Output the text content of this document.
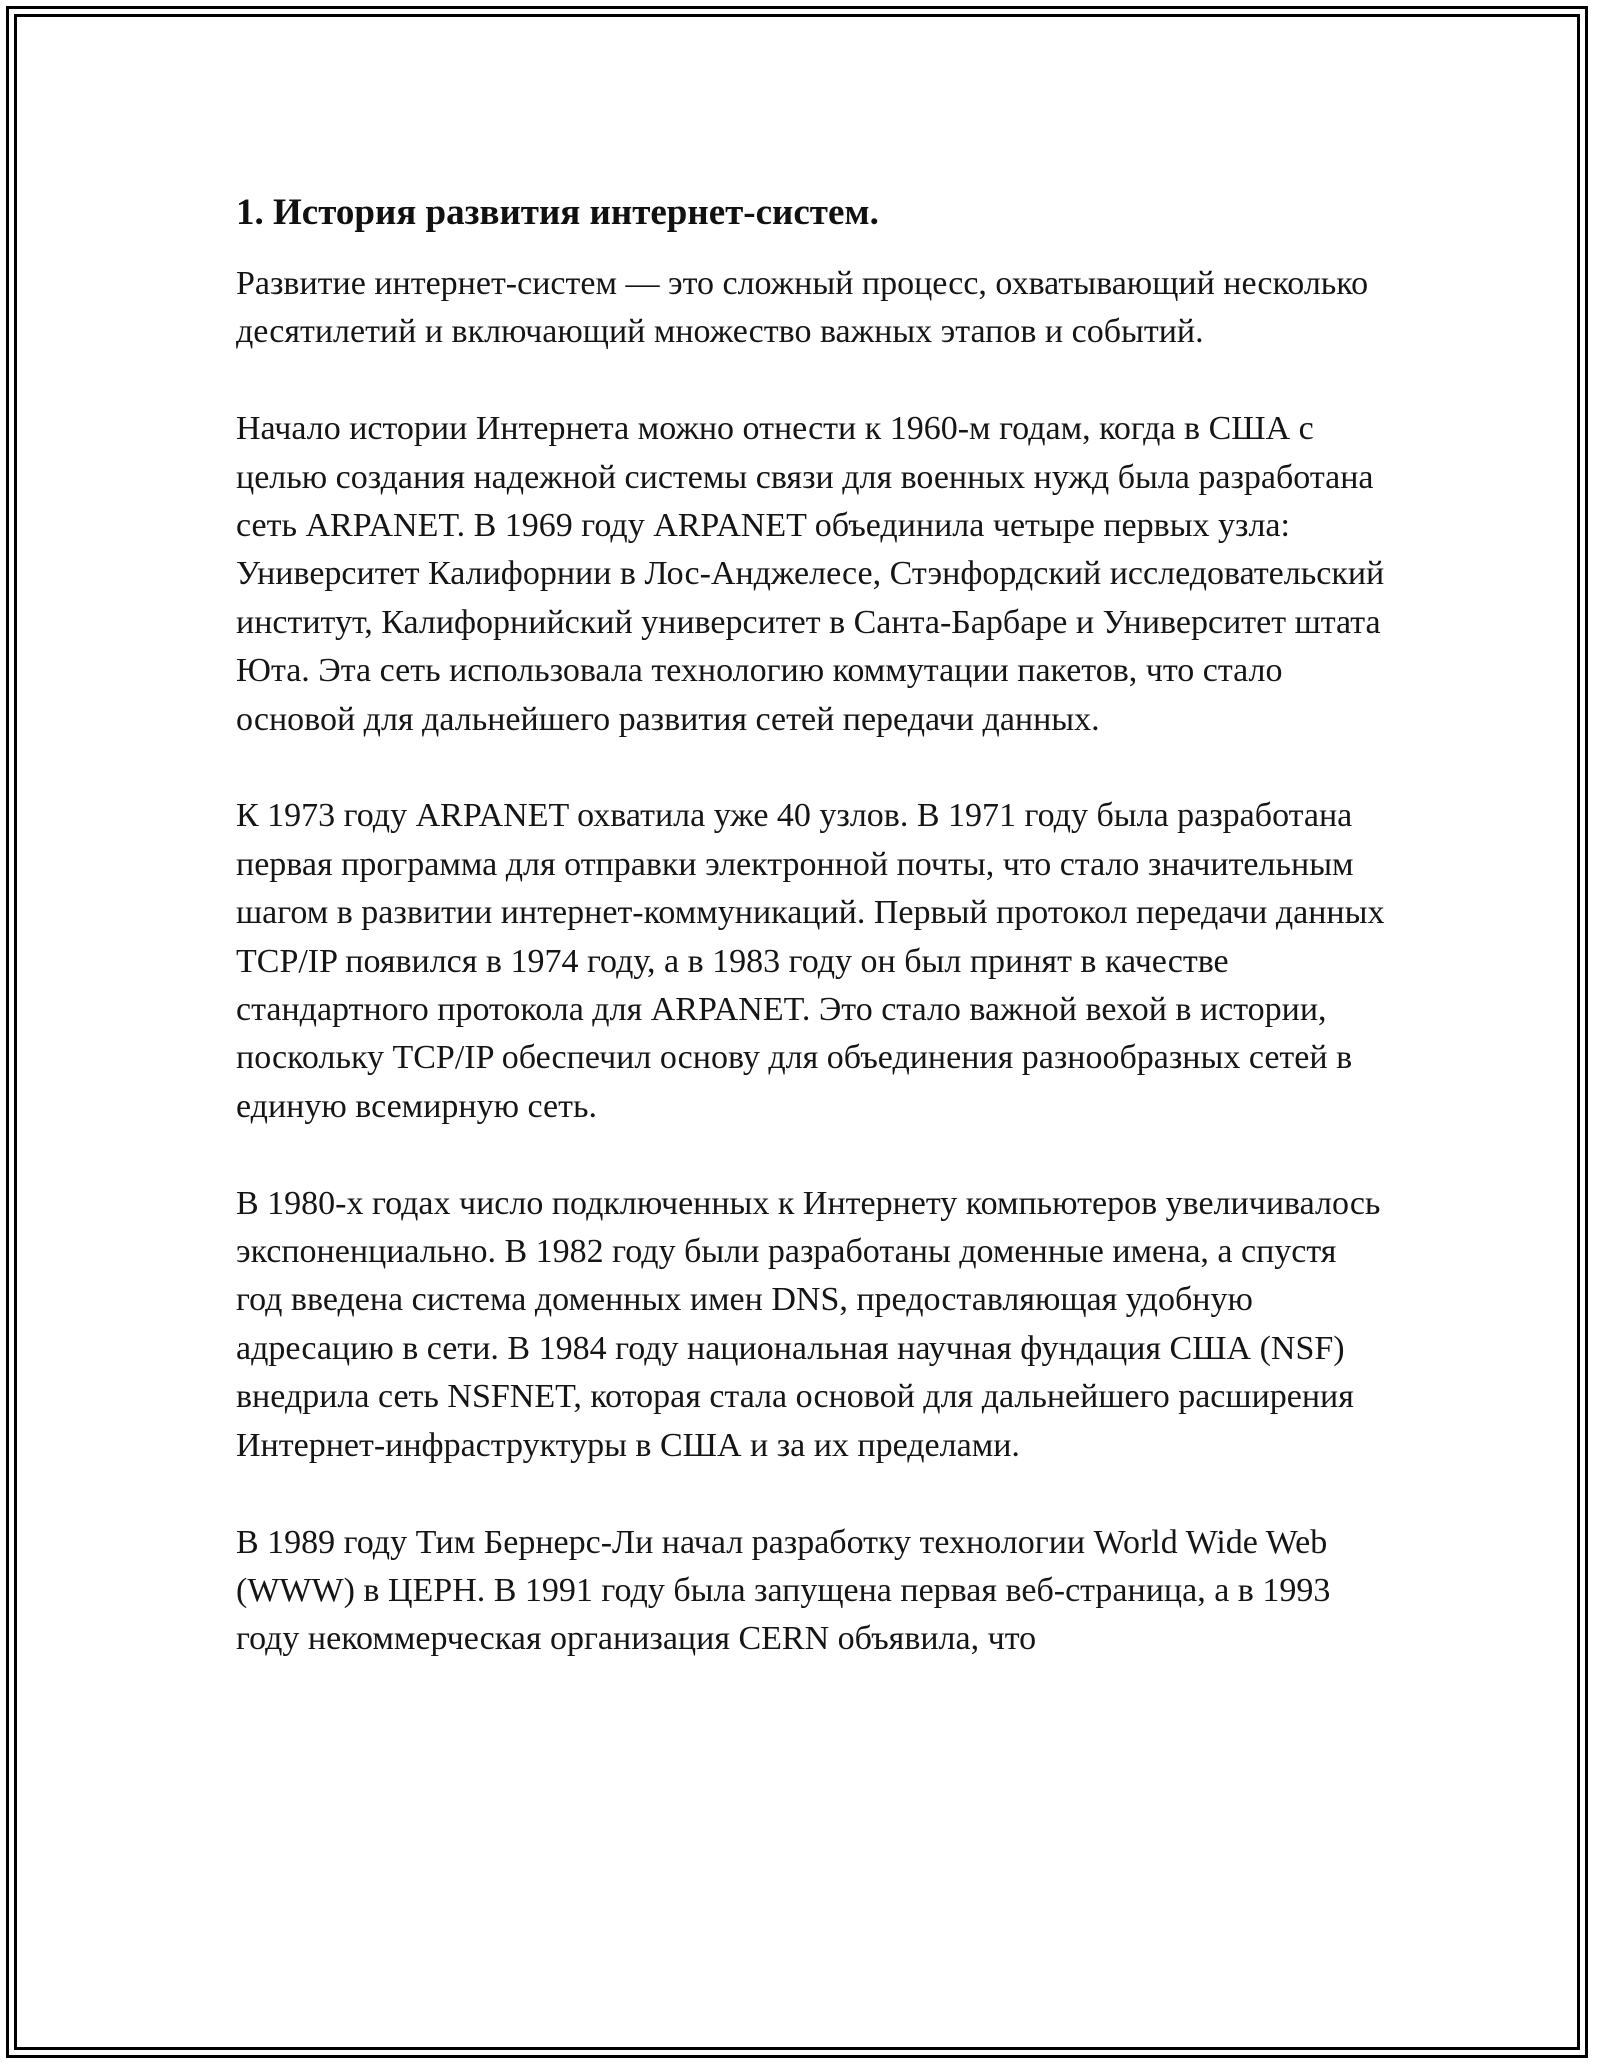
1. История развития интернет-систем.

Развитие интернет-систем — это сложный процесс, охватывающий несколько десятилетий и включающий множество важных этапов и событий.

Начало истории Интернета можно отнести к 1960-м годам, когда в США с целью создания надежной системы связи для военных нужд была разработана сеть ARPANET. В 1969 году ARPANET объединила четыре первых узла: Университет Калифорнии в Лос-Анджелесе, Стэнфордский исследовательский институт, Калифорнийский университет в Санта-Барбаре и Университет штата Юта. Эта сеть использовала технологию коммутации пакетов, что стало основой для дальнейшего развития сетей передачи данных.

К 1973 году ARPANET охватила уже 40 узлов. В 1971 году была разработана первая программа для отправки электронной почты, что стало значительным шагом в развитии интернет-коммуникаций. Первый протокол передачи данных TCP/IP появился в 1974 году, а в 1983 году он был принят в качестве стандартного протокола для ARPANET. Это стало важной вехой в истории, поскольку TCP/IP обеспечил основу для объединения разнообразных сетей в единую всемирную сеть.

В 1980-х годах число подключенных к Интернету компьютеров увеличивалось экспоненциально. В 1982 году были разработаны доменные имена, а спустя год введена система доменных имен DNS, предоставляющая удобную адресацию в сети. В 1984 году национальная научная фундация США (NSF) внедрила сеть NSFNET, которая стала основой для дальнейшего расширения Интернет-инфраструктуры в США и за их пределами.

В 1989 году Тим Бернерс-Ли начал разработку технологии World Wide Web (WWW) в ЦЕРН. В 1991 году была запущена первая веб-страница, а в 1993 году некоммерческая организация CERN объявила, что
